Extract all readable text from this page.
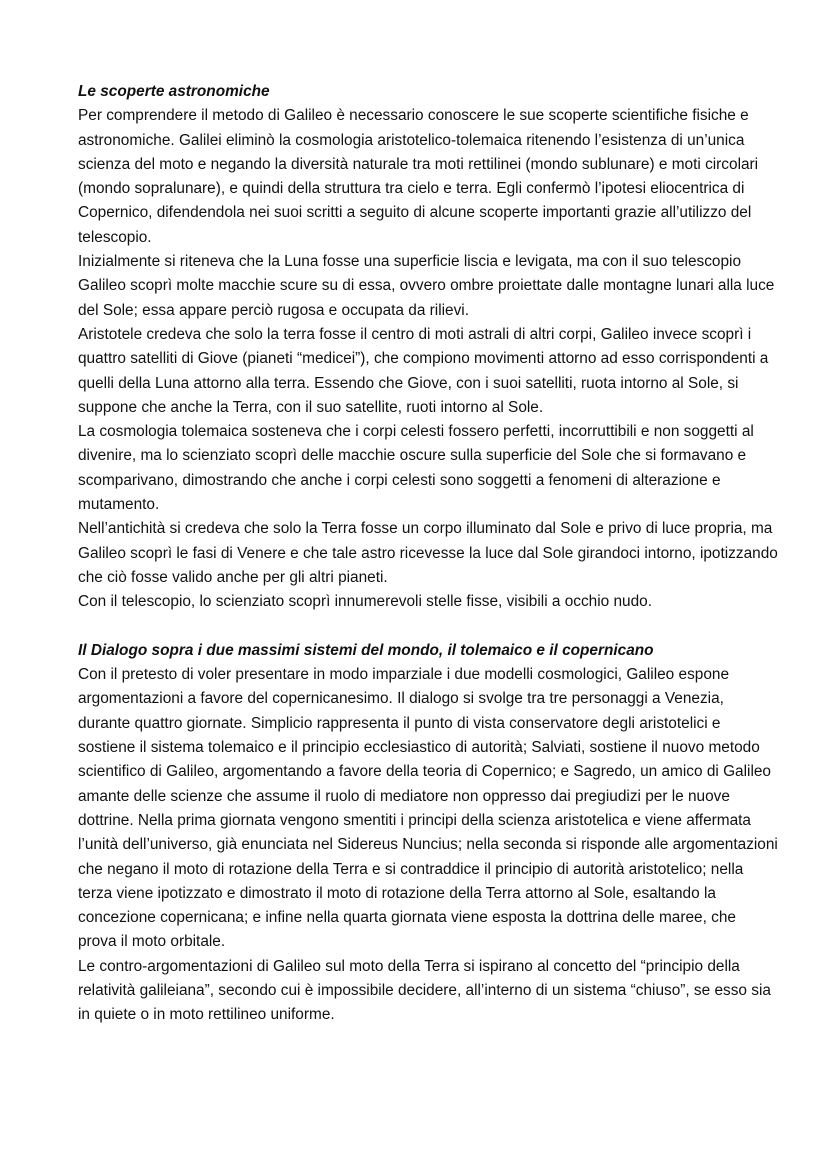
Le scoperte astronomiche

Per comprendere il metodo di Galileo è necessario conoscere le sue scoperte scientifiche fisiche e astronomiche. Galilei eliminò la cosmologia aristotelico-tolemaica ritenendo l’esistenza di un’unica scienza del moto e negando la diversità naturale tra moti rettilinei (mondo sublunare) e moti circolari (mondo sopralunare), e quindi della struttura tra cielo e terra. Egli confermò l’ipotesi eliocentrica di Copernico, difendendola nei suoi scritti a seguito di alcune scoperte importanti grazie all’utilizzo del telescopio.

Inizialmente si riteneva che la Luna fosse una superficie liscia e levigata, ma con il suo telescopio Galileo scoprì molte macchie scure su di essa, ovvero ombre proiettate dalle montagne lunari alla luce del Sole; essa appare perciò rugosa e occupata da rilievi.

Aristotele credeva che solo la terra fosse il centro di moti astrali di altri corpi, Galileo invece scoprì i quattro satelliti di Giove (pianeti “medicei”), che compiono movimenti attorno ad esso corrispondenti a quelli della Luna attorno alla terra. Essendo che Giove, con i suoi satelliti, ruota intorno al Sole, si suppone che anche la Terra, con il suo satellite, ruoti intorno al Sole.

La cosmologia tolemaica sosteneva che i corpi celesti fossero perfetti, incorruttibili e non soggetti al divenire, ma lo scienziato scoprì delle macchie oscure sulla superficie del Sole che si formavano e scomparivano, dimostrando che anche i corpi celesti sono soggetti a fenomeni di alterazione e mutamento.

Nell’antichità si credeva che solo la Terra fosse un corpo illuminato dal Sole e privo di luce propria, ma Galileo scoprì le fasi di Venere e che tale astro ricevesse la luce dal Sole girandoci intorno, ipotizzando che ciò fosse valido anche per gli altri pianeti.

Con il telescopio, lo scienziato scoprì innumerevoli stelle fisse, visibili a occhio nudo.

Il Dialogo sopra i due massimi sistemi del mondo, il tolemaico e il copernicano

Con il pretesto di voler presentare in modo imparziale i due modelli cosmologici, Galileo espone argomentazioni a favore del copernicanesimo. Il dialogo si svolge tra tre personaggi a Venezia, durante quattro giornate. Simplicio rappresenta il punto di vista conservatore degli aristotelici e sostiene il sistema tolemaico e il principio ecclesiastico di autorità; Salviati, sostiene il nuovo metodo scientifico di Galileo, argomentando a favore della teoria di Copernico; e Sagredo, un amico di Galileo amante delle scienze che assume il ruolo di mediatore non oppresso dai pregiudizi per le nuove dottrine. Nella prima giornata vengono smentiti i principi della scienza aristotelica e viene affermata l’unità dell’universo, già enunciata nel Sidereus Nuncius; nella seconda si risponde alle argomentazioni che negano il moto di rotazione della Terra e si contraddice il principio di autorità aristotelico; nella terza viene ipotizzato e dimostrato il moto di rotazione della Terra attorno al Sole, esaltando la concezione copernicana; e infine nella quarta giornata viene esposta la dottrina delle maree, che prova il moto orbitale.

Le contro-argomentazioni di Galileo sul moto della Terra si ispirano al concetto del “principio della relatività galileiana”, secondo cui è impossibile decidere, all’interno di un sistema “chiuso”, se esso sia in quiete o in moto rettilineo uniforme.
